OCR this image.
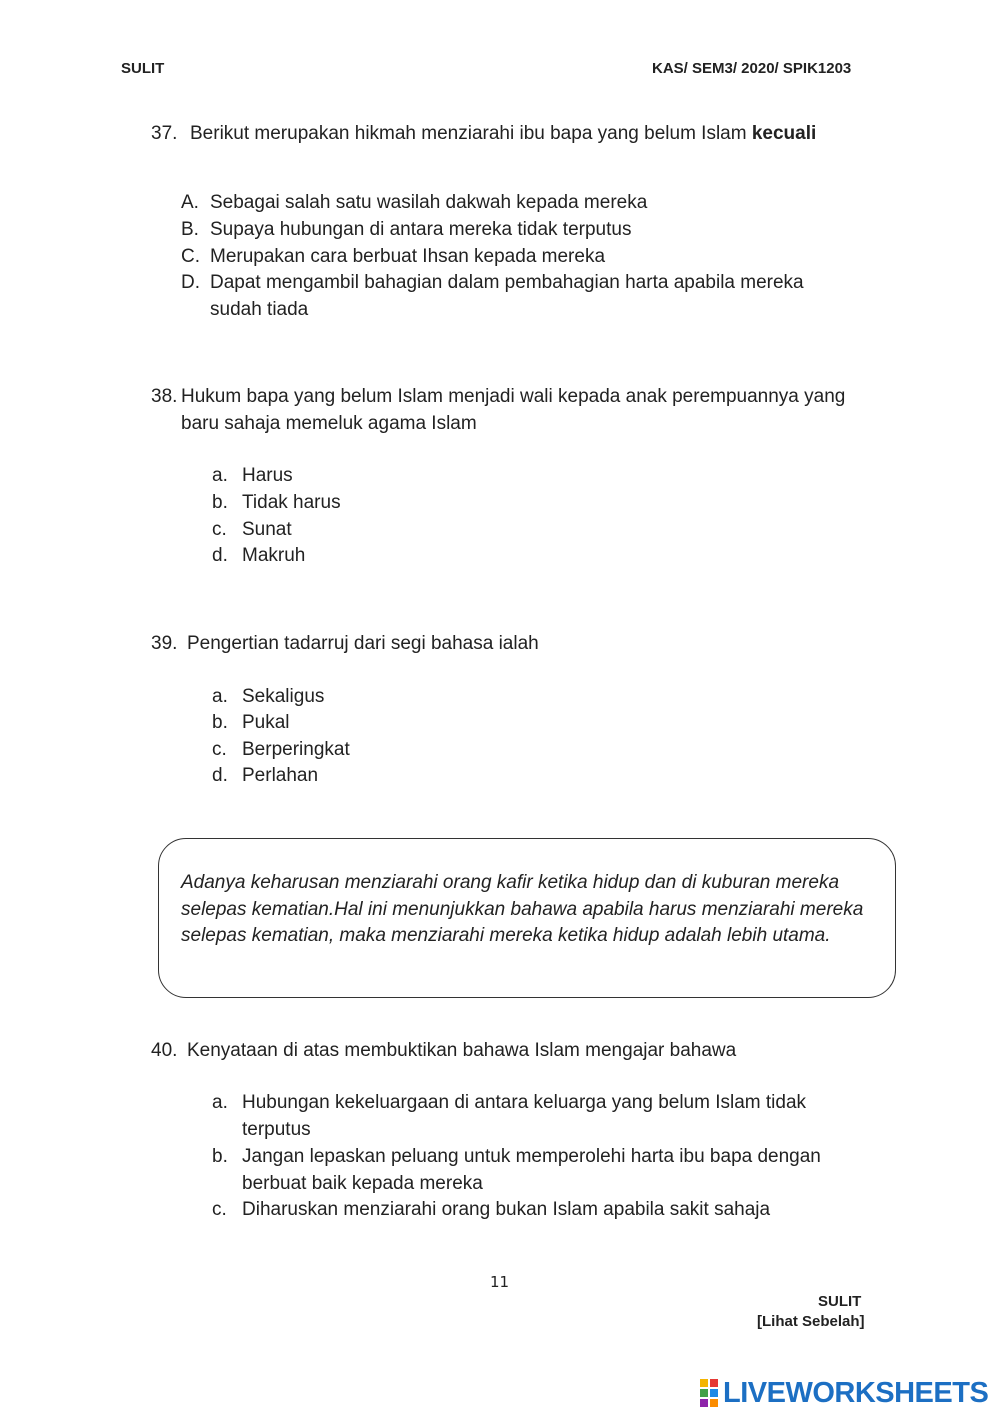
SULIT	KAS/ SEM3/ 2020/ SPIK1203
37. Berikut merupakan hikmah menziarahi ibu bapa yang belum Islam kecuali
A. Sebagai salah satu wasilah dakwah kepada mereka
B. Supaya hubungan di antara mereka tidak terputus
C. Merupakan cara berbuat Ihsan kepada mereka
D. Dapat mengambil bahagian dalam pembahagian harta apabila mereka sudah tiada
38. Hukum bapa yang belum Islam menjadi wali kepada anak perempuannya yang baru sahaja memeluk agama Islam
a. Harus
b. Tidak harus
c. Sunat
d. Makruh
39. Pengertian tadarruj dari segi bahasa ialah
a. Sekaligus
b. Pukal
c. Berperingkat
d. Perlahan
Adanya keharusan menziarahi orang kafir ketika hidup dan di kuburan mereka selepas kematian.Hal ini menunjukkan bahawa apabila harus menziarahi mereka selepas kematian, maka menziarahi mereka ketika hidup adalah lebih utama.
40. Kenyataan di atas membuktikan bahawa Islam mengajar bahawa
a. Hubungan kekeluargaan di antara keluarga yang belum Islam tidak terputus
b. Jangan lepaskan peluang untuk memperolehi harta ibu bapa dengan berbuat baik kepada mereka
c. Diharuskan menziarahi orang bukan Islam apabila sakit sahaja
11
SULIT
[Lihat Sebelah]
LIVEWORKSHEETS
